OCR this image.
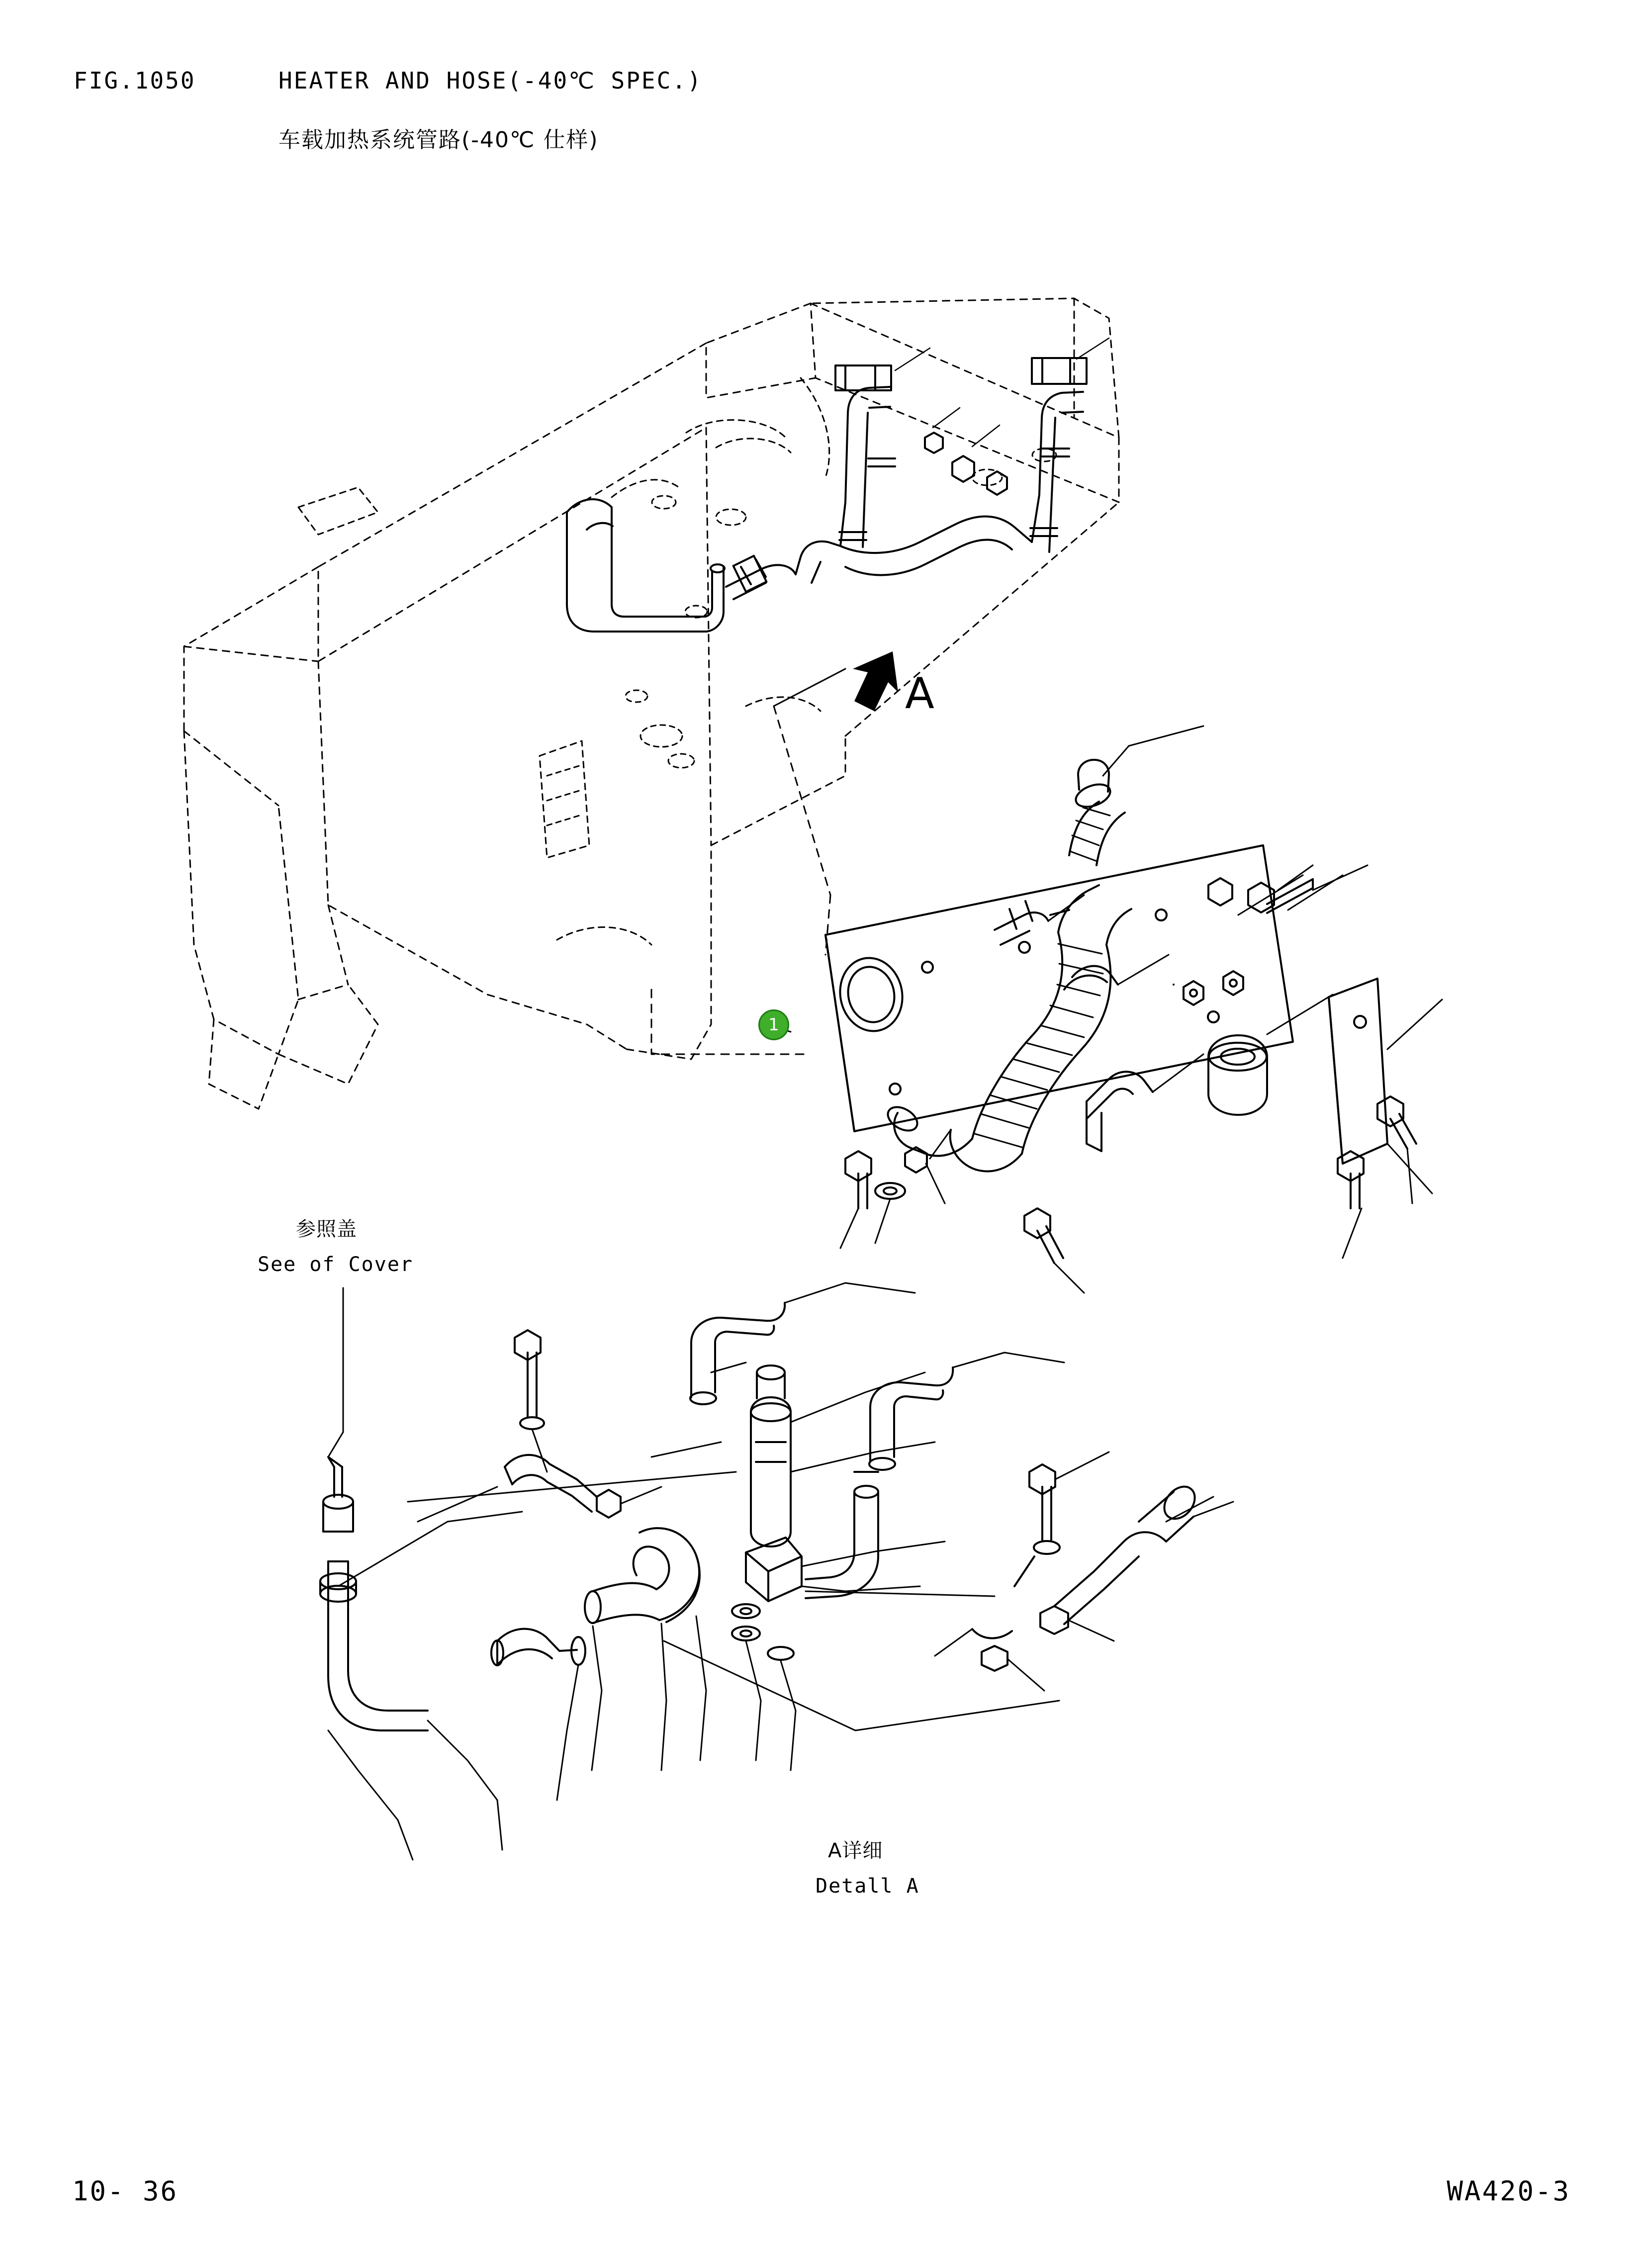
FIG.1050	HEATER AND HOSE(-40℃ SPEC.)
车载加热系统管路(-40℃ 仕样)
A
参照盖
See of Cover
A详细
Detall A
1
10- 36	WA420-3
